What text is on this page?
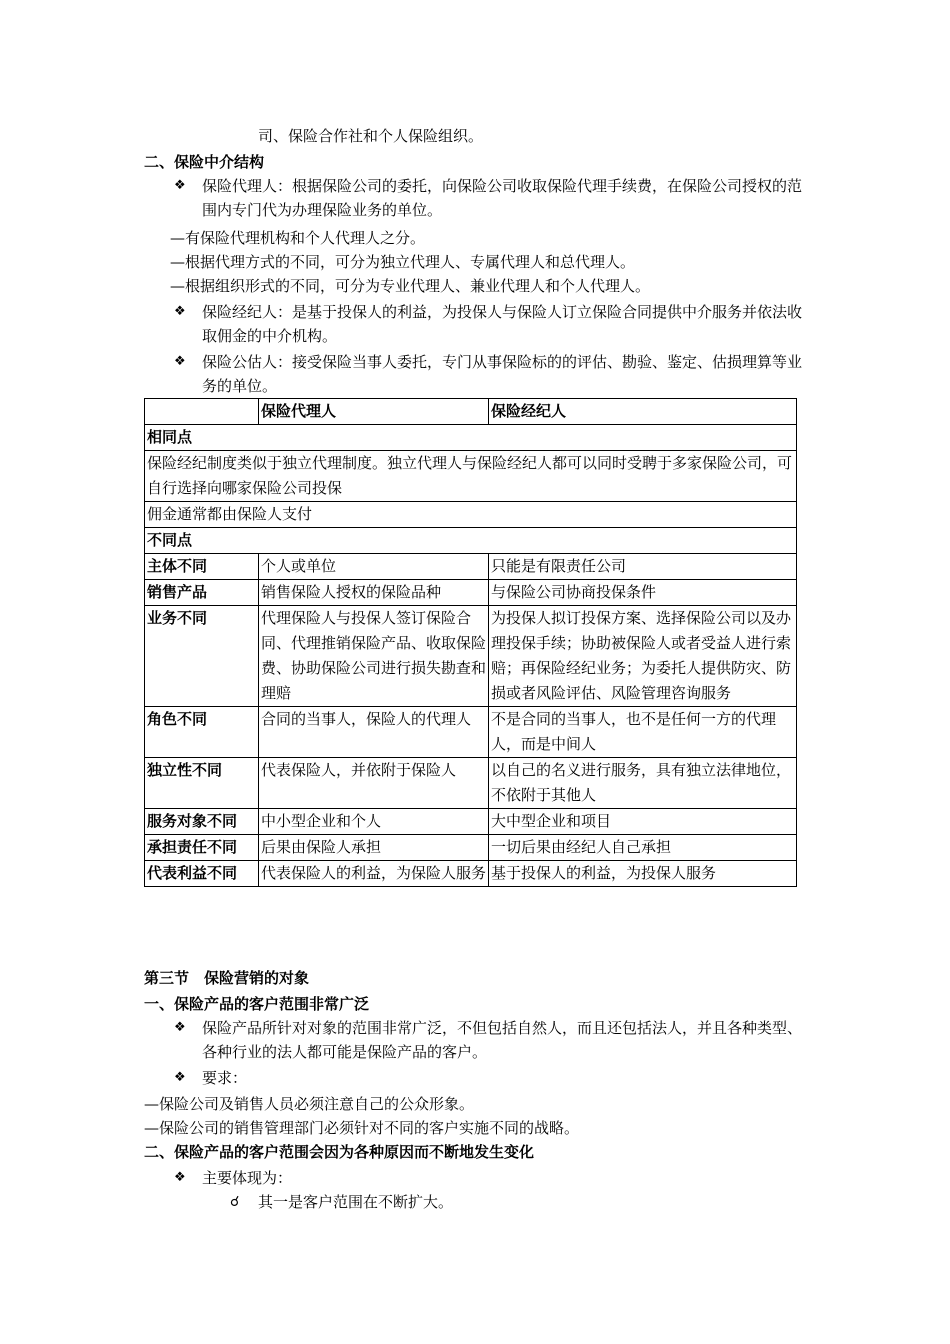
司、保险合作社和个人保险组织。
二、保险中介结构
❖ 保险代理人：根据保险公司的委托，向保险公司收取保险代理手续费，在保险公司授权的范围内专门代为办理保险业务的单位。
—有保险代理机构和个人代理人之分。
—根据代理方式的不同，可分为独立代理人、专属代理人和总代理人。
—根据组织形式的不同，可分为专业代理人、兼业代理人和个人代理人。
❖ 保险经纪人：是基于投保人的利益，为投保人与保险人订立保险合同提供中介服务并依法收取佣金的中介机构。
❖ 保险公估人：接受保险当事人委托，专门从事保险标的的评估、勘验、鉴定、估损理算等业务的单位。
	保险代理人	保险经纪人
相同点		
保险经纪制度类似于独立代理制度。独立代理人与保险经纪人都可以同时受聘于多家保险公司，可自行选择向哪家保险公司投保		
佣金通常都由保险人支付		
不同点		
主体不同	个人或单位	只能是有限责任公司
销售产品	销售保险人授权的保险品种	与保险公司协商投保条件
业务不同	代理保险人与投保人签订保险合同、代理推销保险产品、收取保险费、协助保险公司进行损失勘查和理赔	为投保人拟订投保方案、选择保险公司以及办理投保手续；协助被保险人或者受益人进行索赔；再保险经纪业务；为委托人提供防灾、防损或者风险评估、风险管理咨询服务
角色不同	合同的当事人，保险人的代理人	不是合同的当事人，也不是任何一方的代理人，而是中间人
独立性不同	代表保险人，并依附于保险人	以自己的名义进行服务，具有独立法律地位，不依附于其他人
服务对象不同	中小型企业和个人	大中型企业和项目
承担责任不同	后果由保险人承担	一切后果由经纪人自己承担
代表利益不同	代表保险人的利益，为保险人服务	基于投保人的利益，为投保人服务
第三节　保险营销的对象
一、保险产品的客户范围非常广泛
❖ 保险产品所针对对象的范围非常广泛，不但包括自然人，而且还包括法人，并且各种类型、各种行业的法人都可能是保险产品的客户。
❖ 要求：
—保险公司及销售人员必须注意自己的公众形象。
—保险公司的销售管理部门必须针对不同的客户实施不同的战略。
二、保险产品的客户范围会因为各种原因而不断地发生变化
❖ 主要体现为：
☌ 其一是客户范围在不断扩大。
